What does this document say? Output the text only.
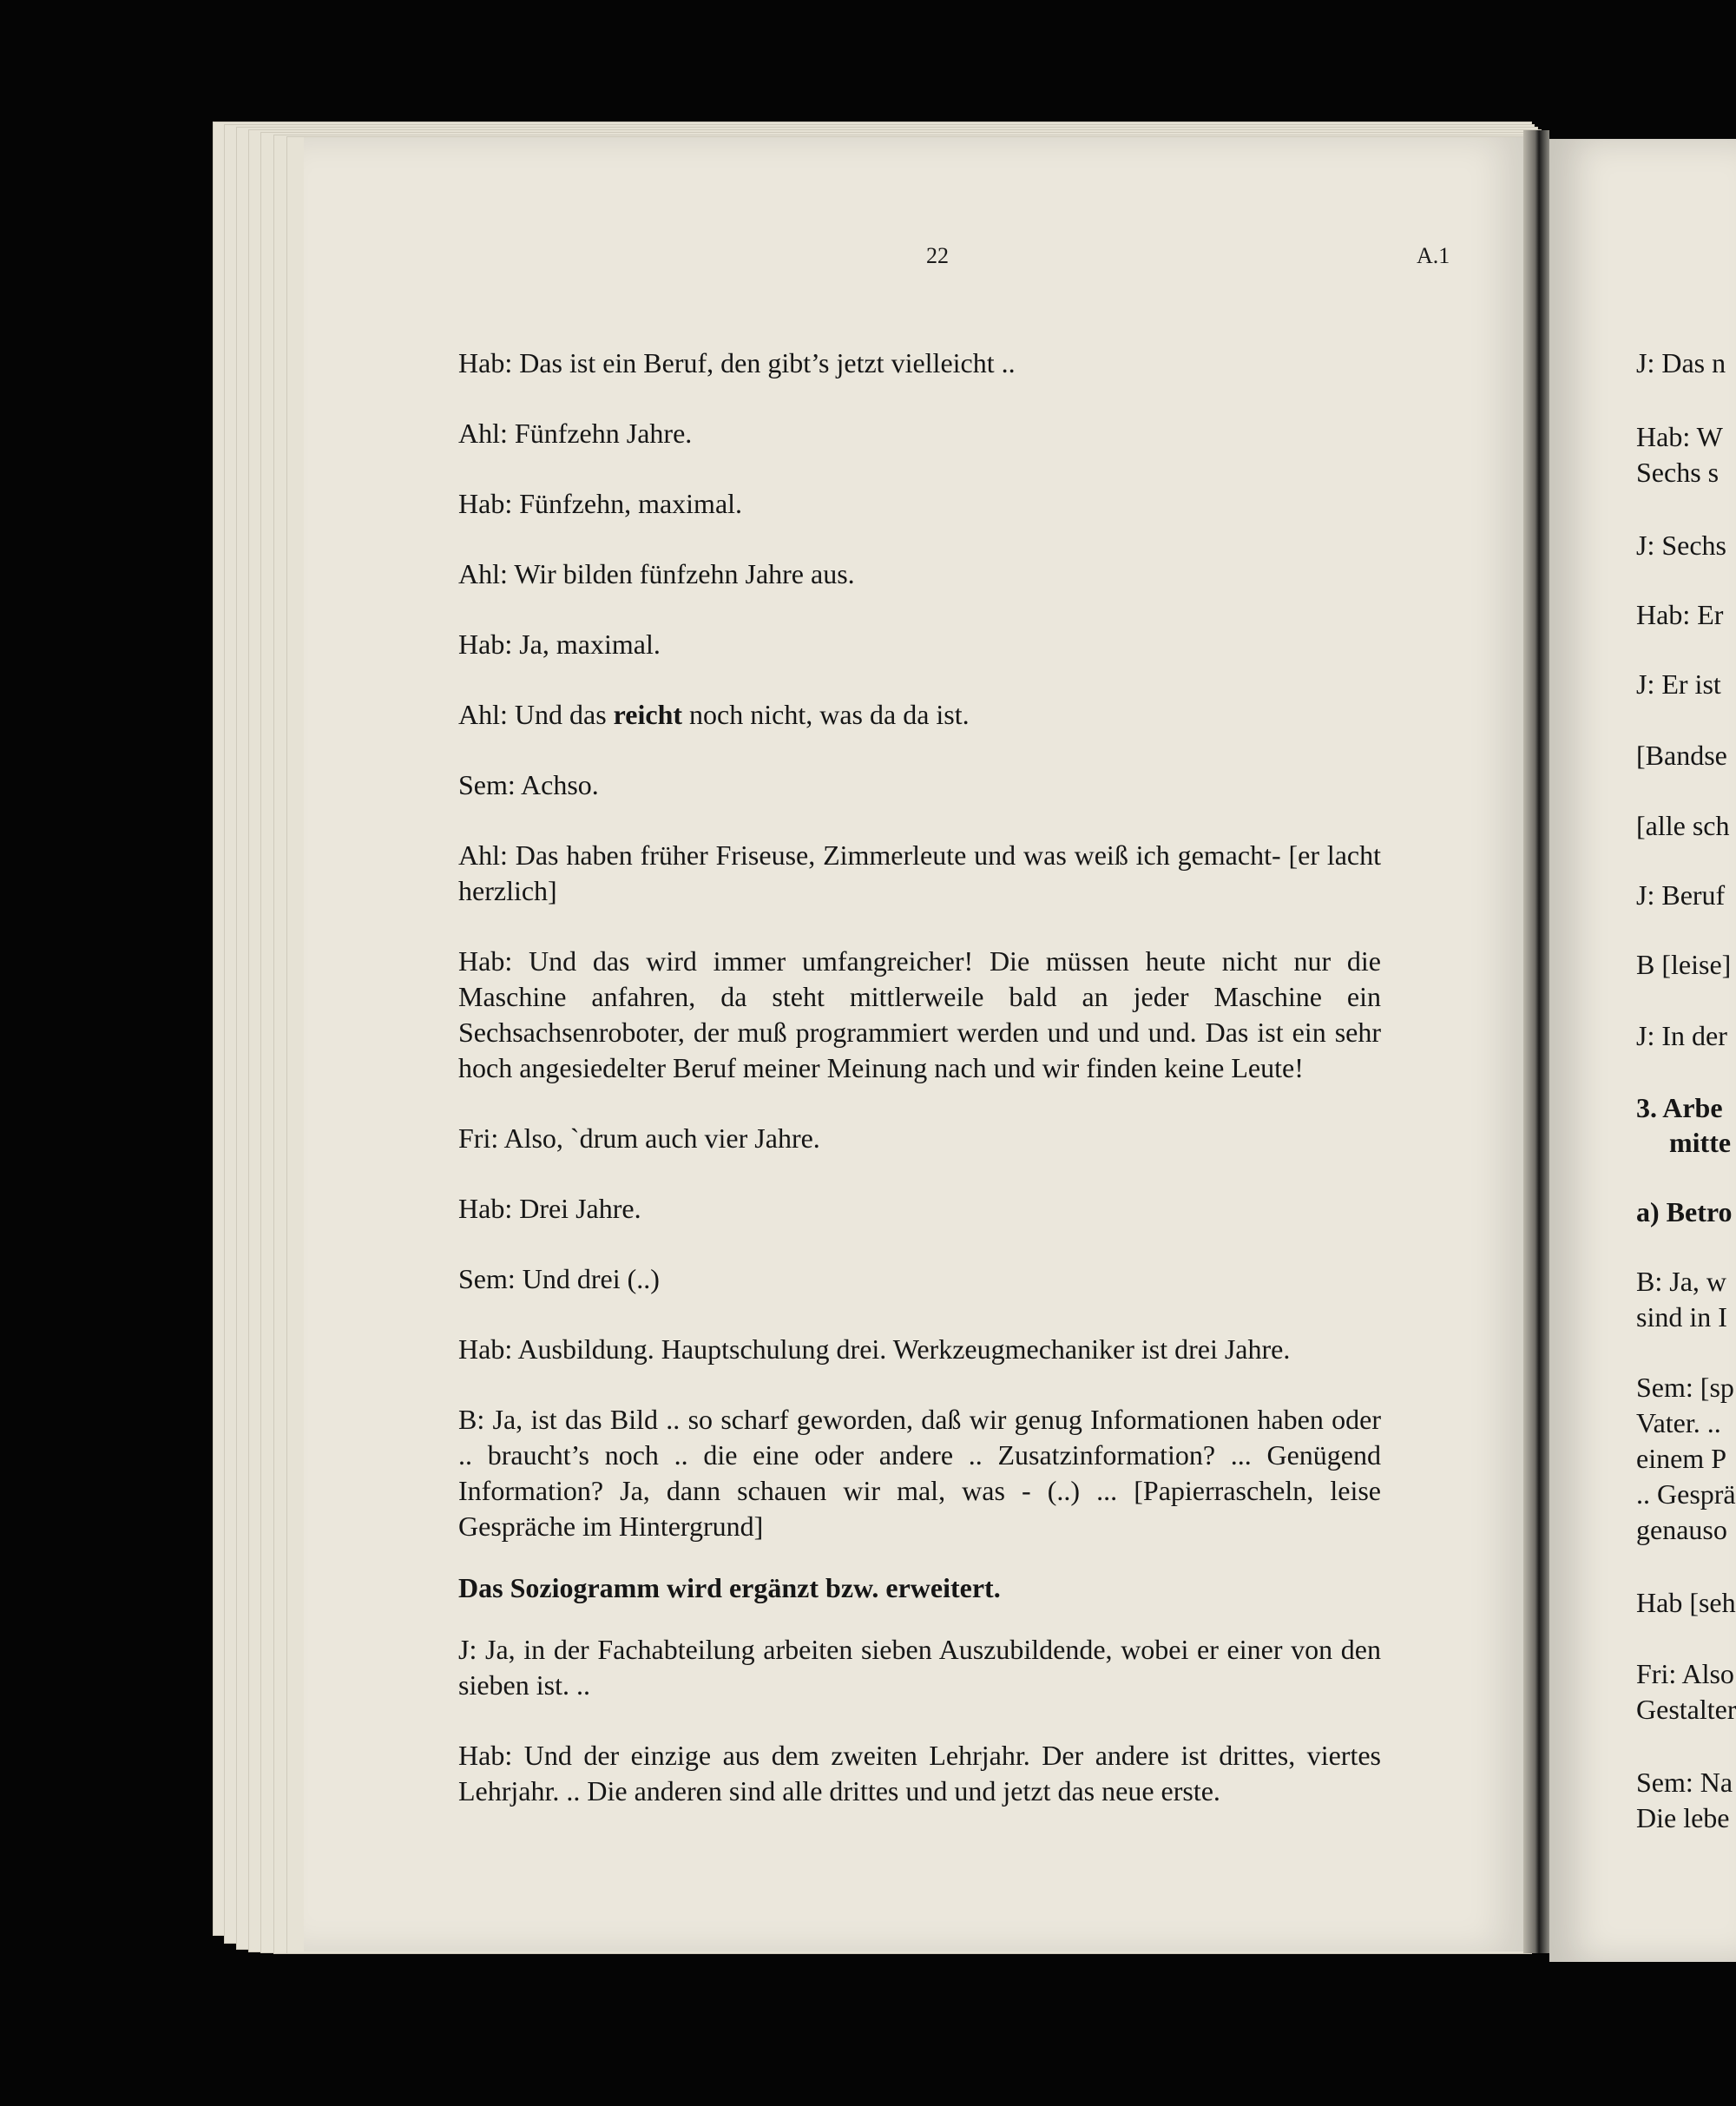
22	A.1

Hab: Das ist ein Beruf, den gibt’s jetzt vielleicht ..

Ahl: Fünfzehn Jahre.

Hab: Fünfzehn, maximal.

Ahl: Wir bilden fünfzehn Jahre aus.

Hab: Ja, maximal.

Ahl: Und das reicht noch nicht, was da da ist.

Sem: Achso.

Ahl: Das haben früher Friseuse, Zimmerleute und was weiß ich gemacht- [er lacht herzlich]

Hab: Und das wird immer umfangreicher! Die müssen heute nicht nur die Maschine anfahren, da steht mittlerweile bald an jeder Maschine ein Sechsachsenroboter, der muß programmiert werden und und und. Das ist ein sehr hoch angesiedelter Beruf meiner Meinung nach und wir finden keine Leute!

Fri: Also, `drum auch vier Jahre.

Hab: Drei Jahre.

Sem: Und drei (..)

Hab: Ausbildung. Hauptschulung drei. Werkzeugmechaniker ist drei Jahre.

B: Ja, ist das Bild .. so scharf geworden, daß wir genug Informationen haben oder .. braucht’s noch .. die eine oder andere .. Zusatzinformation? ... Genügend Information? Ja, dann schauen wir mal, was - (..) ... [Papierrascheln, leise Gespräche im Hintergrund]

Das Soziogramm wird ergänzt bzw. erweitert.

J: Ja, in der Fachabteilung arbeiten sieben Auszubildende, wobei er einer von den sieben ist. ..

Hab: Und der einzige aus dem zweiten Lehrjahr. Der andere ist drittes, viertes Lehrjahr. .. Die anderen sind alle drittes und und jetzt das neue erste.

J: Das n
Hab: W
Sechs s
J: Sechs
Hab: Er
J: Er ist
[Bandse
[alle sch
J: Beruf
B [leise]
J: In der
3. Arbe
mitte
a) Betro
B: Ja, w
sind in I
Sem: [sp
Vater. ..
einem P
.. Gesprä
genauso
Hab [seh
Fri: Also
Gestalter
Sem: Na
Die lebe
